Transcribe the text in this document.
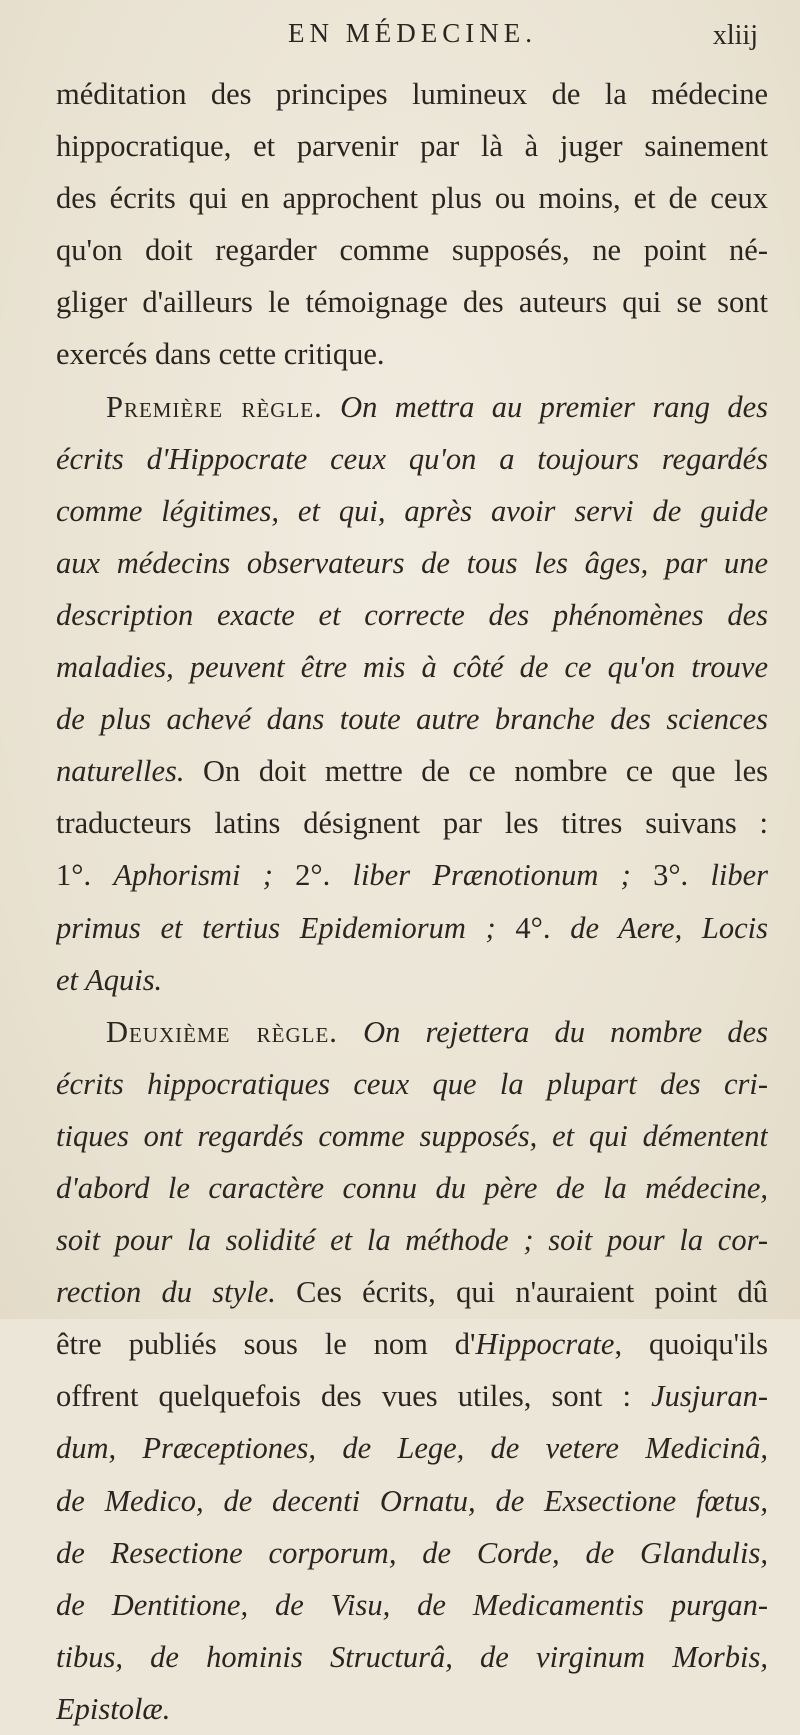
EN MÉDECINE.	xliij
méditation des principes lumineux de la médecine
hippocratique, et parvenir par là à juger sainement
des écrits qui en approchent plus ou moins, et de ceux
qu'on doit regarder comme supposés, ne point né-
gliger d'ailleurs le témoignage des auteurs qui se sont
exercés dans cette critique.
Première règle. On mettra au premier rang des
écrits d'Hippocrate ceux qu'on a toujours regardés
comme légitimes, et qui, après avoir servi de guide
aux médecins observateurs de tous les âges, par une
description exacte et correcte des phénomènes des
maladies, peuvent être mis à côté de ce qu'on trouve
de plus achevé dans toute autre branche des sciences
naturelles. On doit mettre de ce nombre ce que les
traducteurs latins désignent par les titres suivans :
1°. Aphorismi ; 2°. liber Prænotionum ; 3°. liber
primus et tertius Epidemiorum ; 4°. de Aere, Locis
et Aquis.
Deuxième règle. On rejettera du nombre des
écrits hippocratiques ceux que la plupart des cri-
tiques ont regardés comme supposés, et qui démentent
d'abord le caractère connu du père de la médecine,
soit pour la solidité et la méthode ; soit pour la cor-
rection du style. Ces écrits, qui n'auraient point dû
être publiés sous le nom d'Hippocrate, quoiqu'ils
offrent quelquefois des vues utiles, sont : Jusjuran-
dum, Præceptiones, de Lege, de vetere Medicinâ,
de Medico, de decenti Ornatu, de Exsectione fœtus,
de Resectione corporum, de Corde, de Glandulis,
de Dentitione, de Visu, de Medicamentis purgan-
tibus, de hominis Structurâ, de virginum Morbis,
Epistolæ.
